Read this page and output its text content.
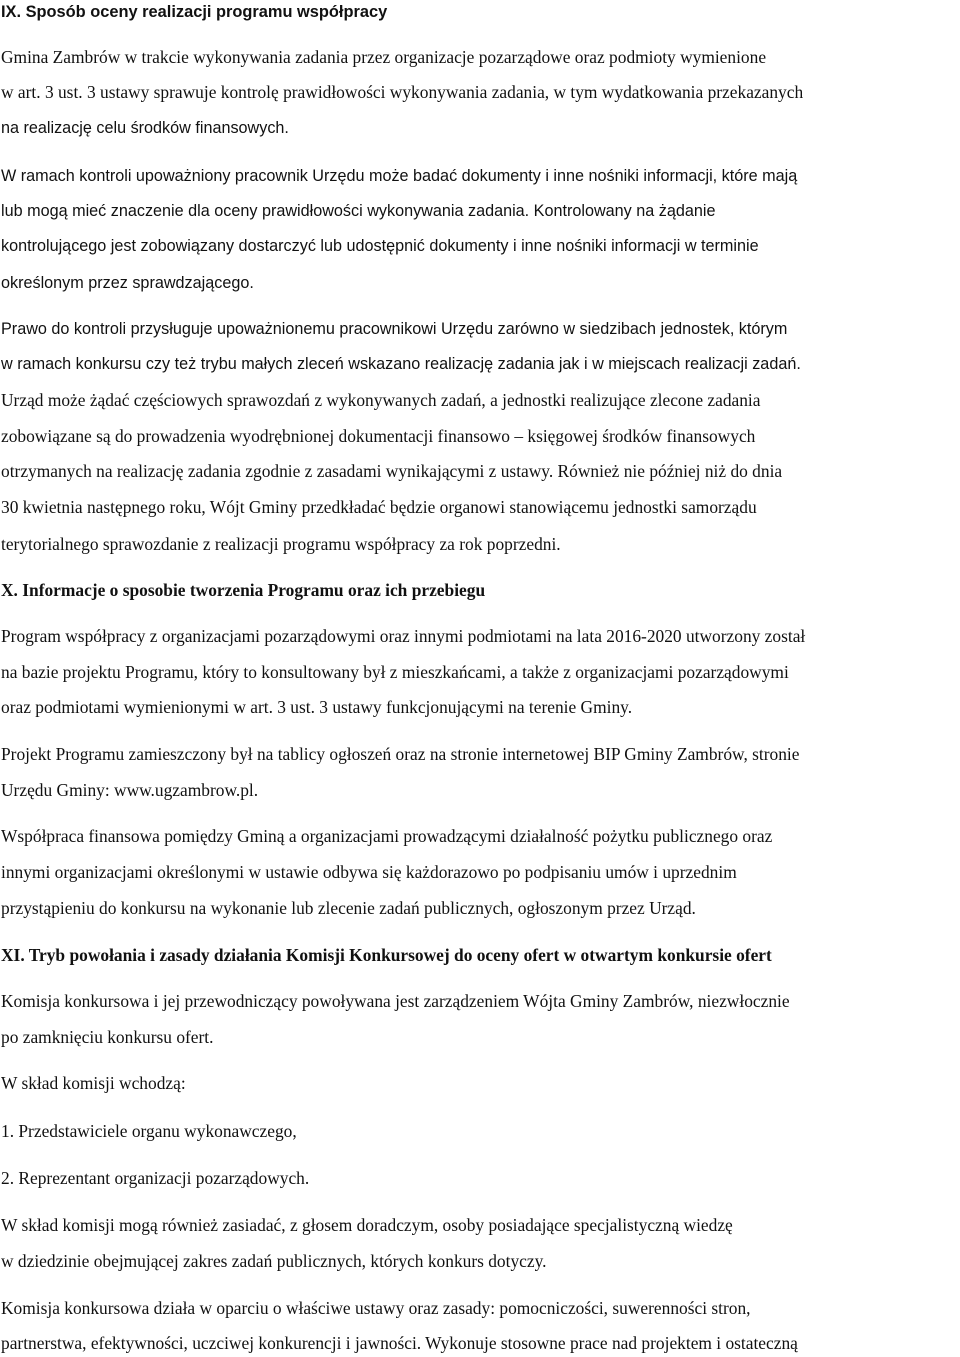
IX. Sposób oceny realizacji programu współpracy
Gmina Zambrów w trakcie wykonywania zadania przez organizacje pozarządowe oraz podmioty wymienione
w art. 3 ust. 3 ustawy sprawuje kontrolę prawidłowości wykonywania zadania, w tym wydatkowania przekazanych
na realizację celu środków finansowych.
W ramach kontroli upoważniony pracownik Urzędu może badać dokumenty i inne nośniki informacji, które mają
lub mogą mieć znaczenie dla oceny prawidłowości wykonywania zadania. Kontrolowany na żądanie
kontrolującego jest zobowiązany dostarczyć lub udostępnić dokumenty i inne nośniki informacji w terminie
określonym przez sprawdzającego.
Prawo do kontroli przysługuje upoważnionemu pracownikowi Urzędu zarówno w siedzibach jednostek, którym
w ramach konkursu czy też trybu małych zleceń wskazano realizację zadania jak i w miejscach realizacji zadań.
Urząd może żądać częściowych sprawozdań z wykonywanych zadań, a jednostki realizujące zlecone zadania
zobowiązane są do prowadzenia wyodrębnionej dokumentacji finansowo – księgowej środków finansowych
otrzymanych na realizację zadania zgodnie z zasadami wynikającymi z ustawy. Również nie później niż do dnia
30 kwietnia następnego roku, Wójt Gminy przedkładać będzie organowi stanowiącemu jednostki samorządu
terytorialnego sprawozdanie z realizacji programu współpracy za rok poprzedni.
X. Informacje o sposobie tworzenia Programu oraz ich przebiegu
Program współpracy z organizacjami pozarządowymi oraz innymi podmiotami na lata 2016-2020 utworzony został
na bazie projektu Programu, który to konsultowany był z mieszkańcami, a także z organizacjami pozarządowymi
oraz podmiotami wymienionymi w art. 3 ust. 3 ustawy funkcjonującymi na terenie Gminy.
Projekt Programu zamieszczony był na tablicy ogłoszeń oraz na stronie internetowej BIP Gminy Zambrów, stronie
Urzędu Gminy: www.ugzambrow.pl.
Współpraca finansowa pomiędzy Gminą a organizacjami prowadzącymi działalność pożytku publicznego oraz
innymi organizacjami określonymi w ustawie odbywa się każdorazowo po podpisaniu umów i uprzednim
przystąpieniu do konkursu na wykonanie lub zlecenie zadań publicznych, ogłoszonym przez Urząd.
XI. Tryb powołania i zasady działania Komisji Konkursowej do oceny ofert w otwartym konkursie ofert
Komisja konkursowa i jej przewodniczący powoływana jest zarządzeniem Wójta Gminy Zambrów, niezwłocznie
po zamknięciu konkursu ofert.
W skład komisji wchodzą:
1. Przedstawiciele organu wykonawczego,
2. Reprezentant organizacji pozarządowych.
W skład komisji mogą również zasiadać, z głosem doradczym, osoby posiadające specjalistyczną wiedzę
w dziedzinie obejmującej zakres zadań publicznych, których konkurs dotyczy.
Komisja konkursowa działa w oparciu o właściwe ustawy oraz zasady: pomocniczości, suwerenności stron,
partnerstwa, efektywności, uczciwej konkurencji i jawności. Wykonuje stosowne prace nad projektem i ostateczną
